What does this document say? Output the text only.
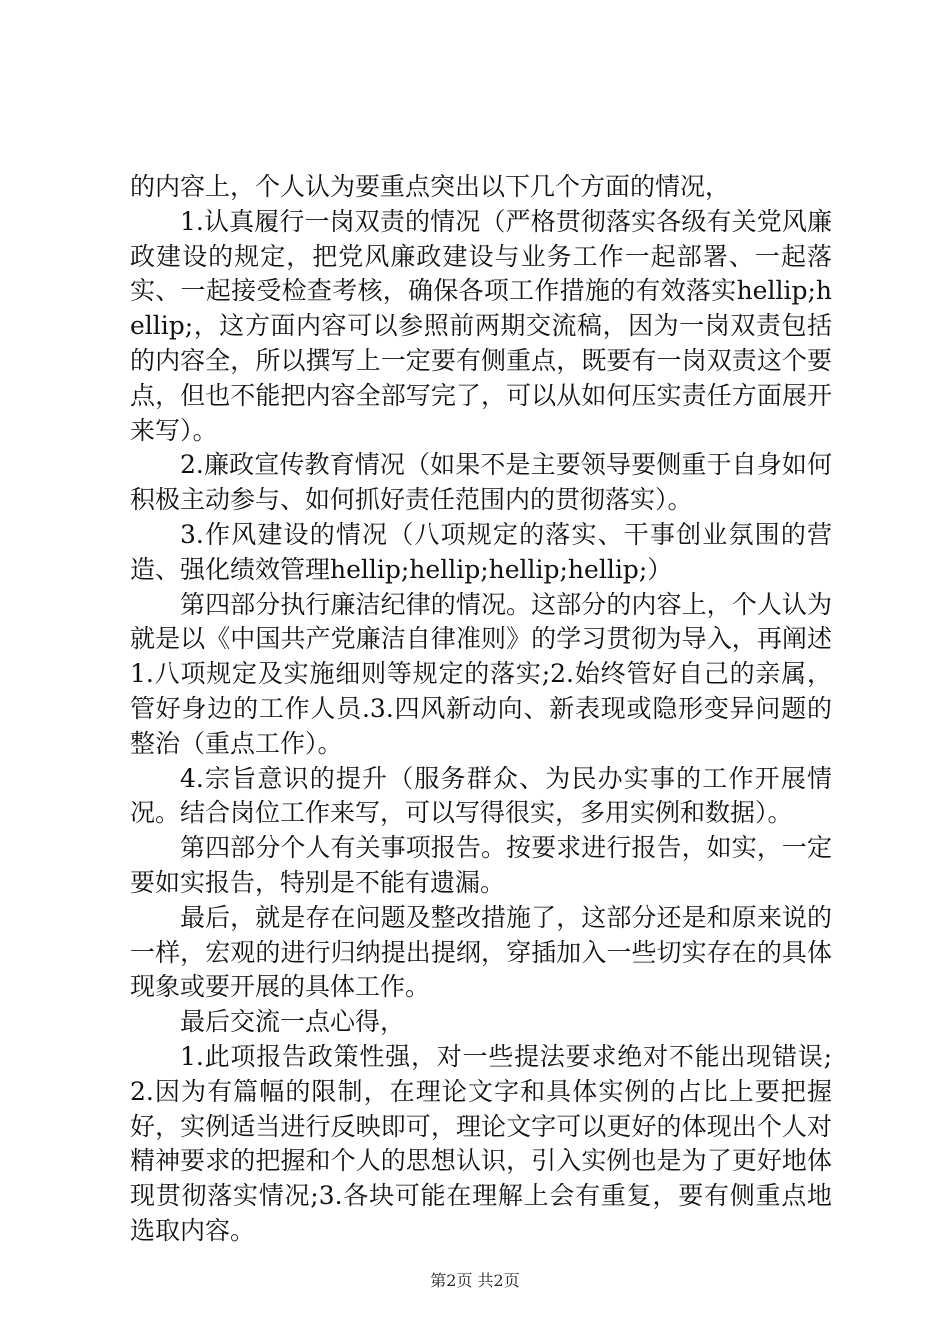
的内容上，个人认为要重点突出以下几个方面的情况，

1.认真履行一岗双责的情况（严格贯彻落实各级有关党风廉政建设的规定，把党风廉政建设与业务工作一起部署、一起落实、一起接受检查考核，确保各项工作措施的有效落实hellip;hellip;，这方面内容可以参照前两期交流稿，因为一岗双责包括的内容全，所以撰写上一定要有侧重点，既要有一岗双责这个要点，但也不能把内容全部写完了，可以从如何压实责任方面展开来写）。

2.廉政宣传教育情况（如果不是主要领导要侧重于自身如何积极主动参与、如何抓好责任范围内的贯彻落实）。

3.作风建设的情况（八项规定的落实、干事创业氛围的营造、强化绩效管理hellip;hellip;hellip;hellip;）

第四部分执行廉洁纪律的情况。这部分的内容上，个人认为就是以《中国共产党廉洁自律准则》的学习贯彻为导入，再阐述1.八项规定及实施细则等规定的落实;2.始终管好自己的亲属，管好身边的工作人员.3.四风新动向、新表现或隐形变异问题的整治（重点工作）。

4.宗旨意识的提升（服务群众、为民办实事的工作开展情况。结合岗位工作来写，可以写得很实，多用实例和数据）。

第四部分个人有关事项报告。按要求进行报告，如实，一定要如实报告，特别是不能有遗漏。

最后，就是存在问题及整改措施了，这部分还是和原来说的一样，宏观的进行归纳提出提纲，穿插加入一些切实存在的具体现象或要开展的具体工作。

最后交流一点心得，

1.此项报告政策性强，对一些提法要求绝对不能出现错误;2.因为有篇幅的限制，在理论文字和具体实例的占比上要把握好，实例适当进行反映即可，理论文字可以更好的体现出个人对精神要求的把握和个人的思想认识，引入实例也是为了更好地体现贯彻落实情况;3.各块可能在理解上会有重复，要有侧重点地选取内容。

第2页 共2页
